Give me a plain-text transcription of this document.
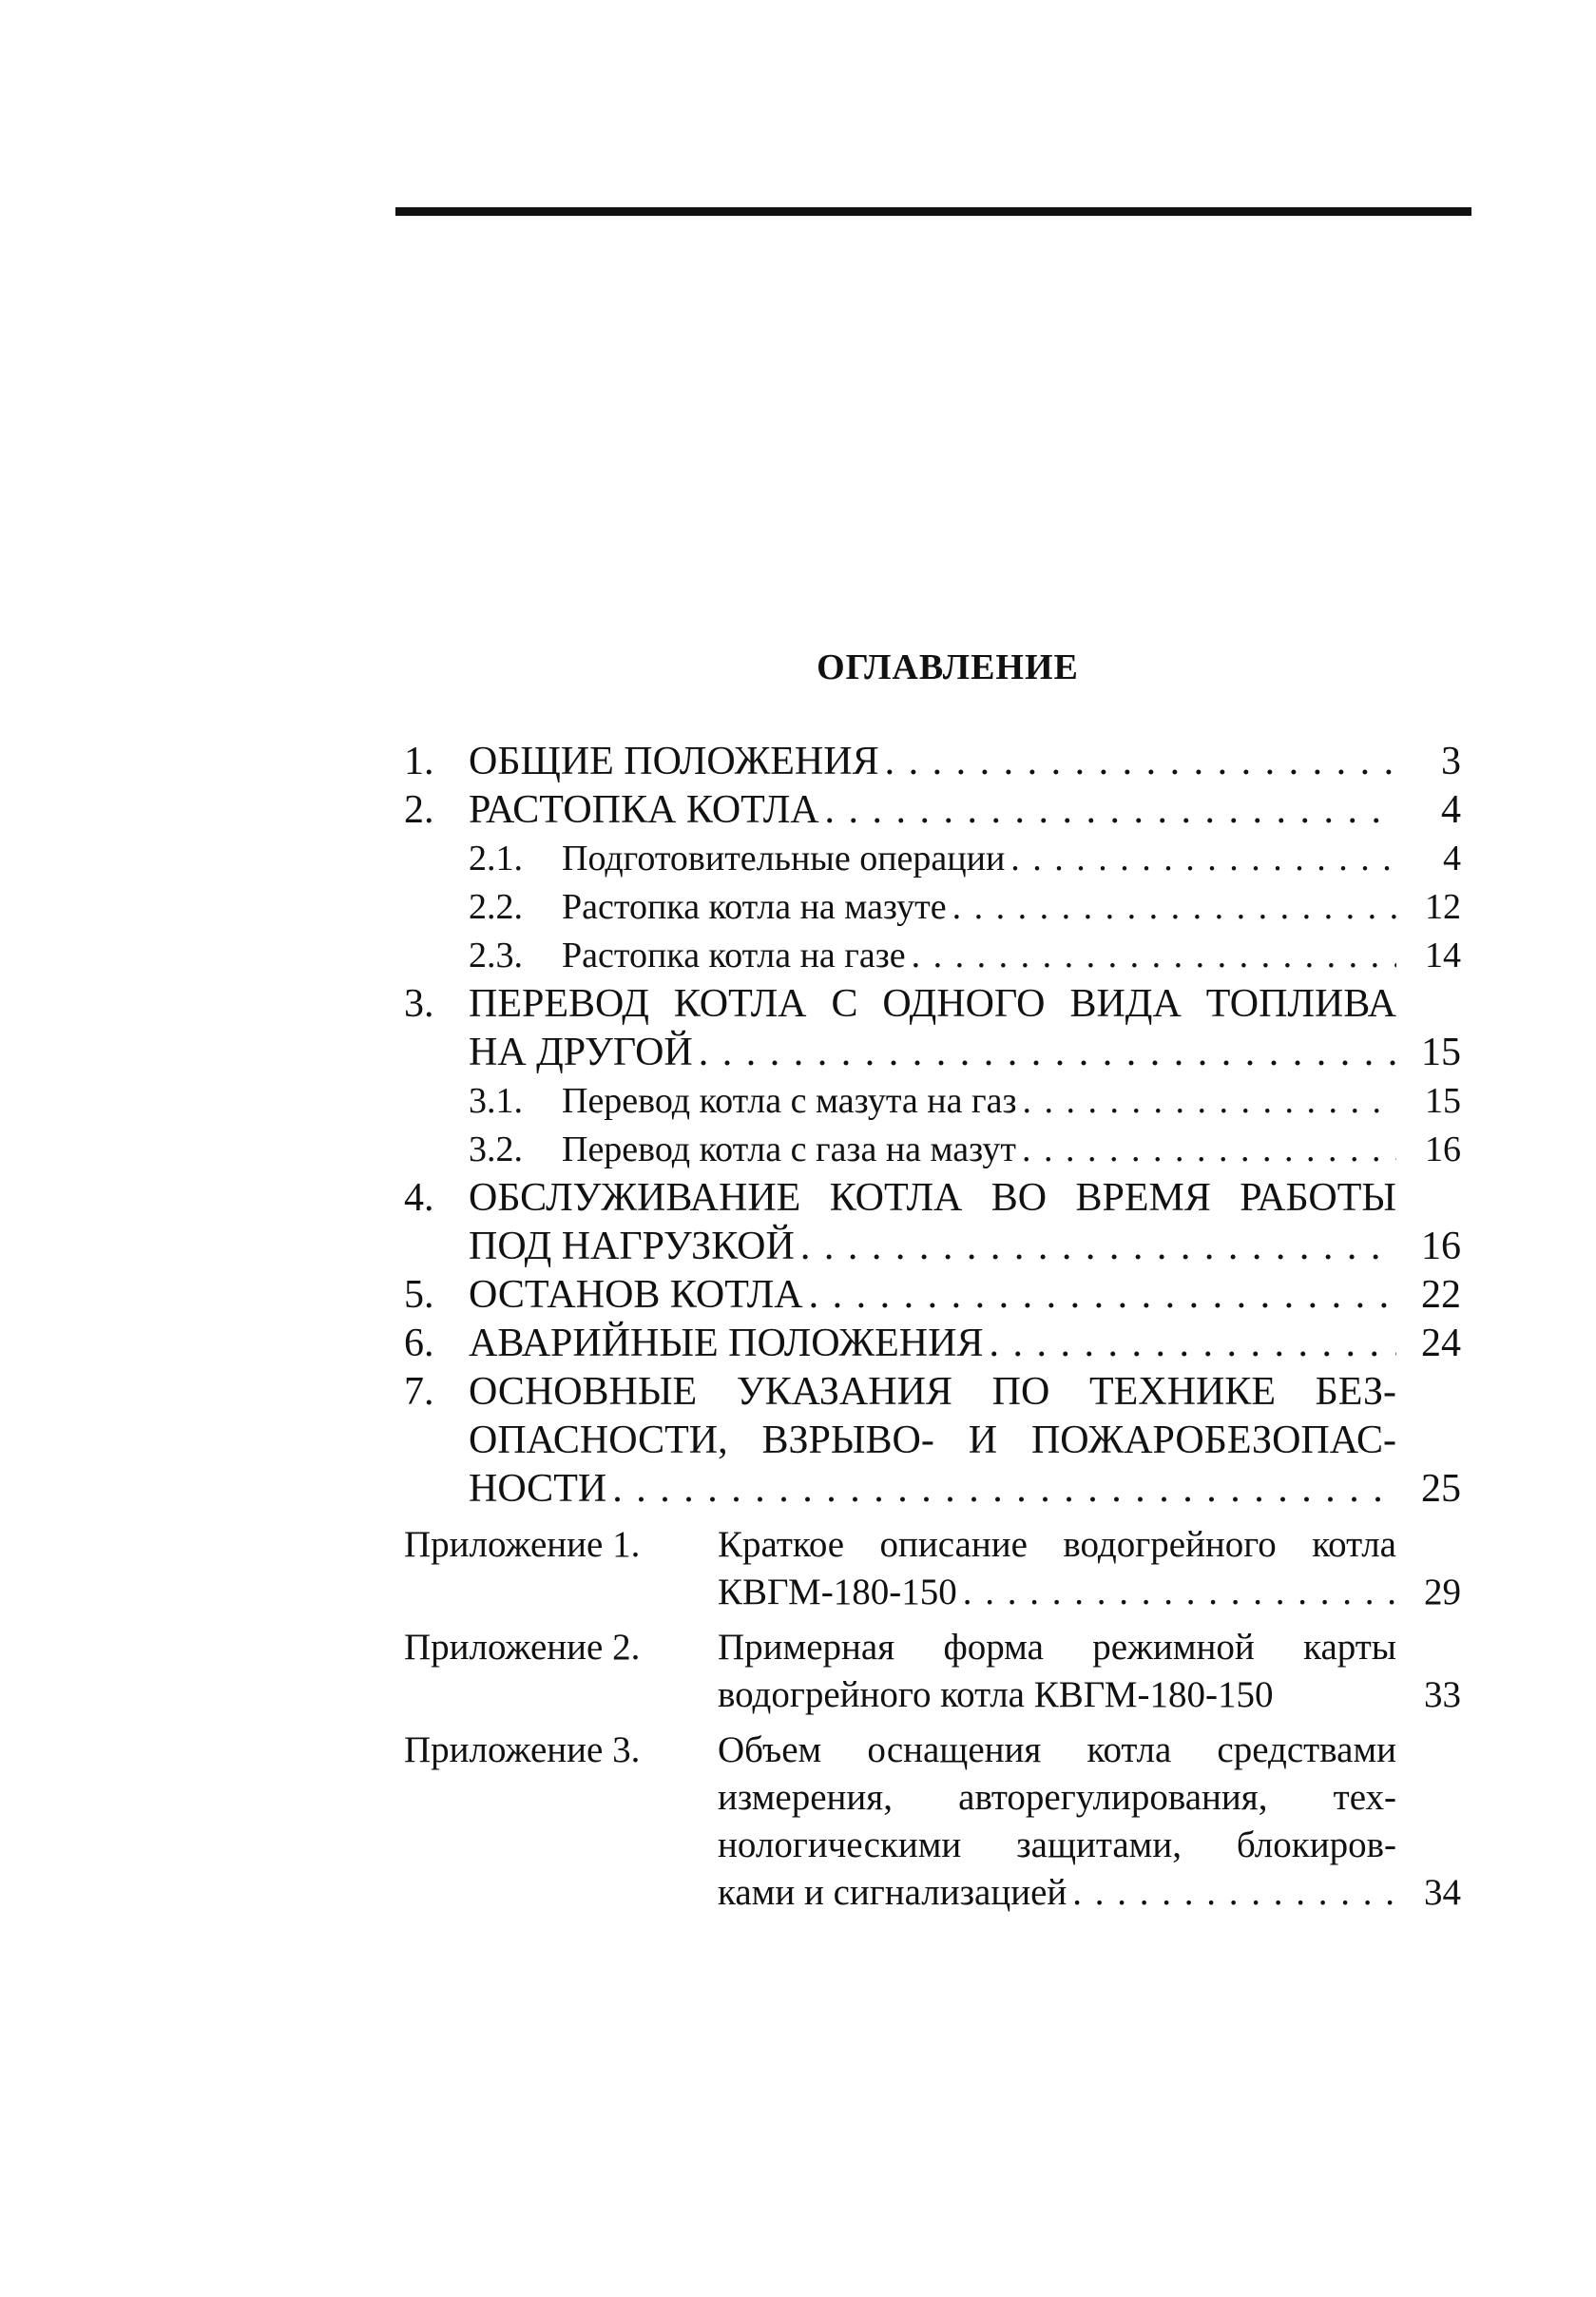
ОГЛАВЛЕНИЕ
1. ОБЩИЕ ПОЛОЖЕНИЯ . . .	3
2. РАСТОПКА КОТЛА . . .	4
2.1.	Подготовительные операции . . .	4
2.2.	Растопка котла на мазуте . . .	12
2.3.	Растопка котла на газе . . .	14
3. ПЕРЕВОД КОТЛА С ОДНОГО ВИДА ТОПЛИВА
НА ДРУГОЙ . . .	15
3.1.	Перевод котла с мазута на газ . . .	15
3.2.	Перевод котла с газа на мазут . . .	16
4. ОБСЛУЖИВАНИЕ КОТЛА ВО ВРЕМЯ РАБОТЫ
ПОД НАГРУЗКОЙ . . .	16
5. ОСТАНОВ КОТЛА . . .	22
6. АВАРИЙНЫЕ ПОЛОЖЕНИЯ . . .	24
7. ОСНОВНЫЕ УКАЗАНИЯ ПО ТЕХНИКЕ БЕЗ-
ОПАСНОСТИ, ВЗРЫВО- И ПОЖАРОБЕЗОПАС-
НОСТИ . . .	25
Приложение 1.	Краткое описание водогрейного котла
КВГМ-180-150 . . .	29
Приложение 2.	Примерная форма режимной карты
водогрейного котла КВГМ-180-150	33
Приложение 3.	Объем оснащения котла средствами
измерения, авторегулирования, тех-
нологическими защитами, блокиров-
ками и сигнализацией . . .	34
